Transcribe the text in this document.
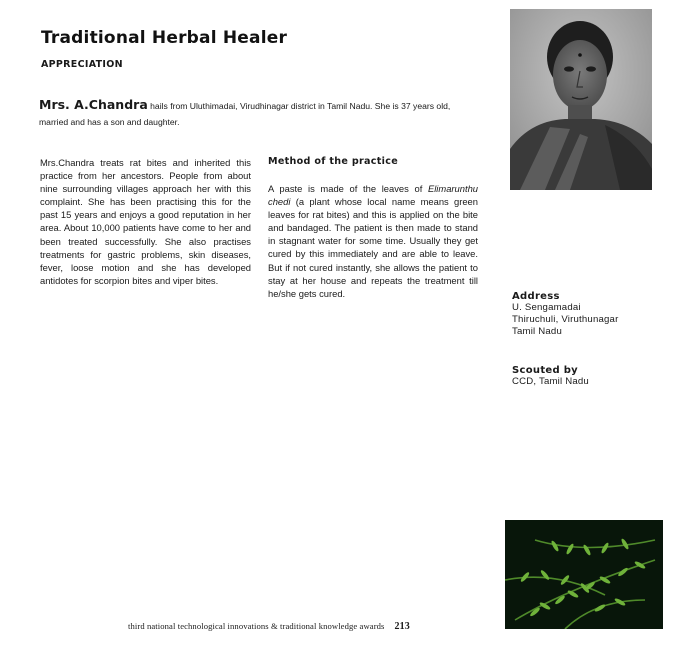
Traditional Herbal Healer
APPRECIATION
Mrs. A.Chandra hails from Uluthimadai, Virudhinagar district in Tamil Nadu. She is 37 years old, married and has a son and daughter.
Mrs.Chandra treats rat bites and inherited this practice from her ancestors. People from about nine surrounding villages approach her with this complaint. She has been practising this for the past 15 years and enjoys a good reputation in her area. About 10,000 patients have come to her and been treated successfully. She also practises treatments for gastric problems, skin diseases, fever, loose motion and she has developed antidotes for scorpion bites and viper bites.
Method of the practice
A paste is made of the leaves of Elimarunthu chedi (a plant whose local name means green leaves for rat bites) and this is applied on the bite and bandaged. The patient is then made to stand in stagnant water for some time. Usually they get cured by this immediately and are able to leave. But if not cured instantly, she allows the patient to stay at her house and repeats the treatment till he/she gets cured.	Address
U. Sengamadai
Thiruchuli, Viruthunagar
Tamil Nadu
Scouted by
CCD, Tamil Nadu
third national technological innovations & traditional knowledge awards 213
